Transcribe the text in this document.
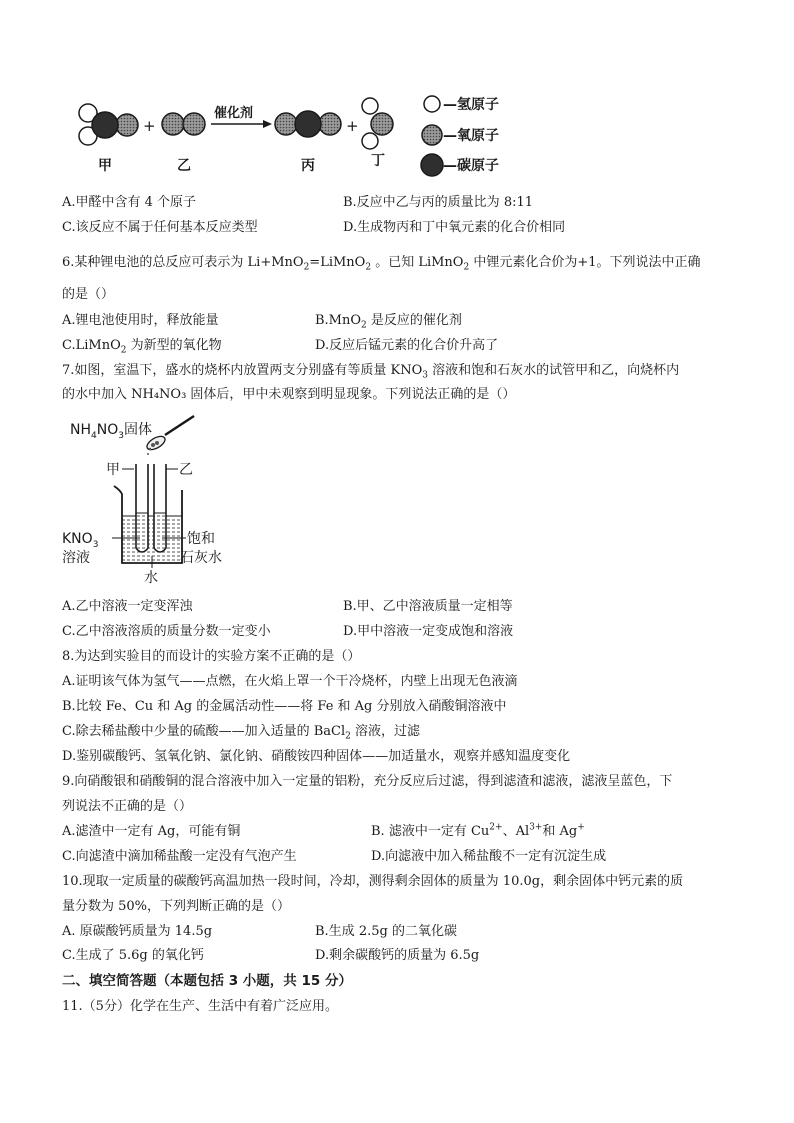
+
催化剂
+
甲	乙	丙	丁
—氢原子
—氧原子
—碳原子
A.甲醛中含有 4 个原子	B.反应中乙与丙的质量比为 8:11
C.该反应不属于任何基本反应类型	D.生成物丙和丁中氧元素的化合价相同
6.某种锂电池的总反应可表示为 Li+MnO$_2$=LiMnO$_2$ 。已知 LiMnO$_2$ 中锂元素化合价为+1。下列说法中正确
的是（）
A.锂电池使用时，释放能量	B.MnO$_2$ 是反应的催化剂
C.LiMnO$_2$ 为新型的氧化物	D.反应后锰元素的化合价升高了
7.如图，室温下，盛水的烧杯内放置两支分别盛有等质量 $KNO_3$ 溶液和饱和石灰水的试管甲和乙，向烧杯内
的水中加入 NH₄NO₃ 固体后，甲中未观察到明显现象。下列说法正确的是（）
$NH_4NO_3$固体
甲	乙
$KNO_3$
溶液
饱和
石灰水
水
A.乙中溶液一定变浑浊	B.甲、乙中溶液质量一定相等
C.乙中溶液溶质的质量分数一定变小	D.甲中溶液一定变成饱和溶液
8.为达到实验目的而设计的实验方案不正确的是（）
A.证明该气体为氢气——点燃，在火焰上罩一个干冷烧杯，内壁上出现无色液滴
B.比较 Fe、Cu 和 Ag 的金属活动性——将 Fe 和 Ag 分别放入硝酸铜溶液中
C.除去稀盐酸中少量的硫酸——加入适量的 BaCl$_2$ 溶液，过滤
D.鉴别碳酸钙、氢氧化钠、氯化钠、硝酸铵四种固体——加适量水，观察并感知温度变化
9.向硝酸银和硝酸铜的混合溶液中加入一定量的铝粉，充分反应后过滤，得到滤渣和滤液，滤液呈蓝色，下
列说法不正确的是（）
A.滤渣中一定有 Ag，可能有铜	B. 滤液中一定有 $Cu^{2+}$、$Al^{3+}$和 Ag+
C.向滤渣中滴加稀盐酸一定没有气泡产生	D.向滤液中加入稀盐酸不一定有沉淀生成
10.现取一定质量的碳酸钙高温加热一段时间，冷却，测得剩余固体的质量为 10.0g，剩余固体中钙元素的质
量分数为 50%，下列判断正确的是（）
A. 原碳酸钙质量为 14.5g	B.生成 2.5g 的二氧化碳
C.生成了 5.6g 的氧化钙	D.剩余碳酸钙的质量为 6.5g
二、填空简答题（本题包括 3 小题，共 15 分）
11.（5分）化学在生产、生活中有着广泛应用。
